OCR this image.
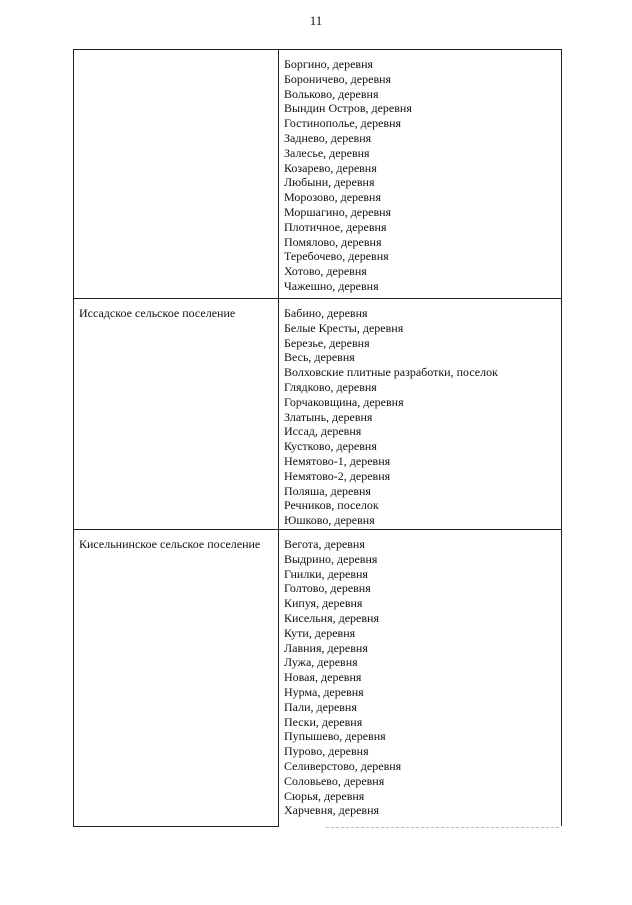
11
Боргино, деревня
Бороничево, деревня
Вольково, деревня
Вындин Остров, деревня
Гостинополье, деревня
Заднево, деревня
Залесье, деревня
Козарево, деревня
Любыни, деревня
Морозово, деревня
Моршагино, деревня
Плотичное, деревня
Помялово, деревня
Теребочево, деревня
Хотово, деревня
Чажешно, деревня
Иссадское сельское поселение	Бабино, деревня
Белые Кресты, деревня
Березье, деревня
Весь, деревня
Волховские плитные разработки, поселок
Глядково, деревня
Горчаковщина, деревня
Златынь, деревня
Иссад, деревня
Кустково, деревня
Немятово-1, деревня
Немятово-2, деревня
Поляша, деревня
Речников, поселок
Юшково, деревня
Кисельнинское сельское поселение	Вегота, деревня
Выдрино, деревня
Гнилки, деревня
Голтово, деревня
Кипуя, деревня
Кисельня, деревня
Кути, деревня
Лавния, деревня
Лужа, деревня
Новая, деревня
Нурма, деревня
Пали, деревня
Пески, деревня
Пупышево, деревня
Пурово, деревня
Селиверстово, деревня
Соловьево, деревня
Сюрья, деревня
Харчевня, деревня
